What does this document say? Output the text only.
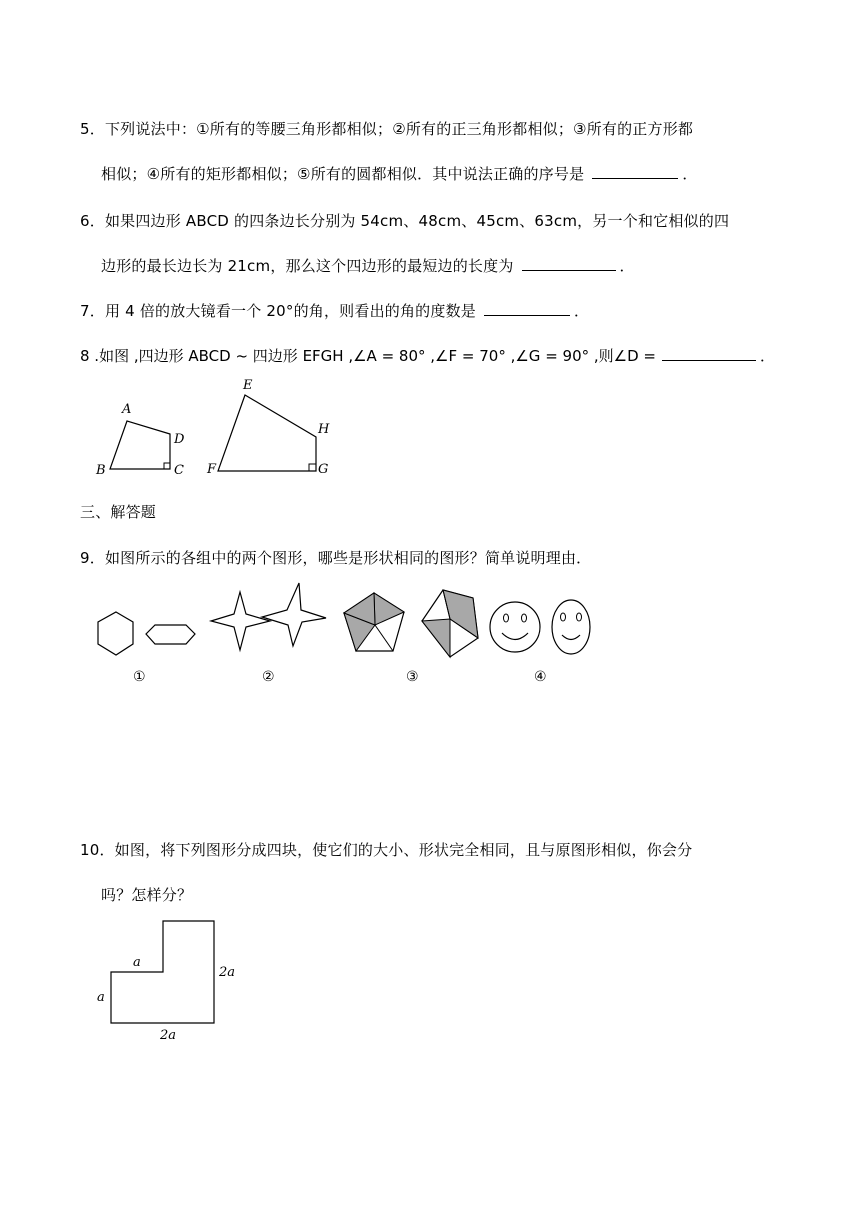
5．下列说法中：①所有的等腰三角形都相似；②所有的正三角形都相似；③所有的正方形都
相似；④所有的矩形都相似；⑤所有的圆都相似．其中说法正确的序号是	．
6．如果四边形 ABCD 的四条边长分别为 54cm、48cm、45cm、63cm，另一个和它相似的四
边形的最长边长为 21cm，那么这个四边形的最短边的长度为	．
7．用 4 倍的放大镜看一个 20°的角，则看出的角的度数是	．
8 .如图 ,四边形 ABCD ~ 四边形 EFGH ,∠A = 80° ,∠F = 70° ,∠G = 90° ,则∠D =	．
A
B	C
D
E
F	G
H
三、解答题
9．如图所示的各组中的两个图形，哪些是形状相同的图形？简单说明理由．
①	②	③	④
10．如图，将下列图形分成四块，使它们的大小、形状完全相同，且与原图形相似，你会分
吗？怎样分？
a
a
2a
2a
